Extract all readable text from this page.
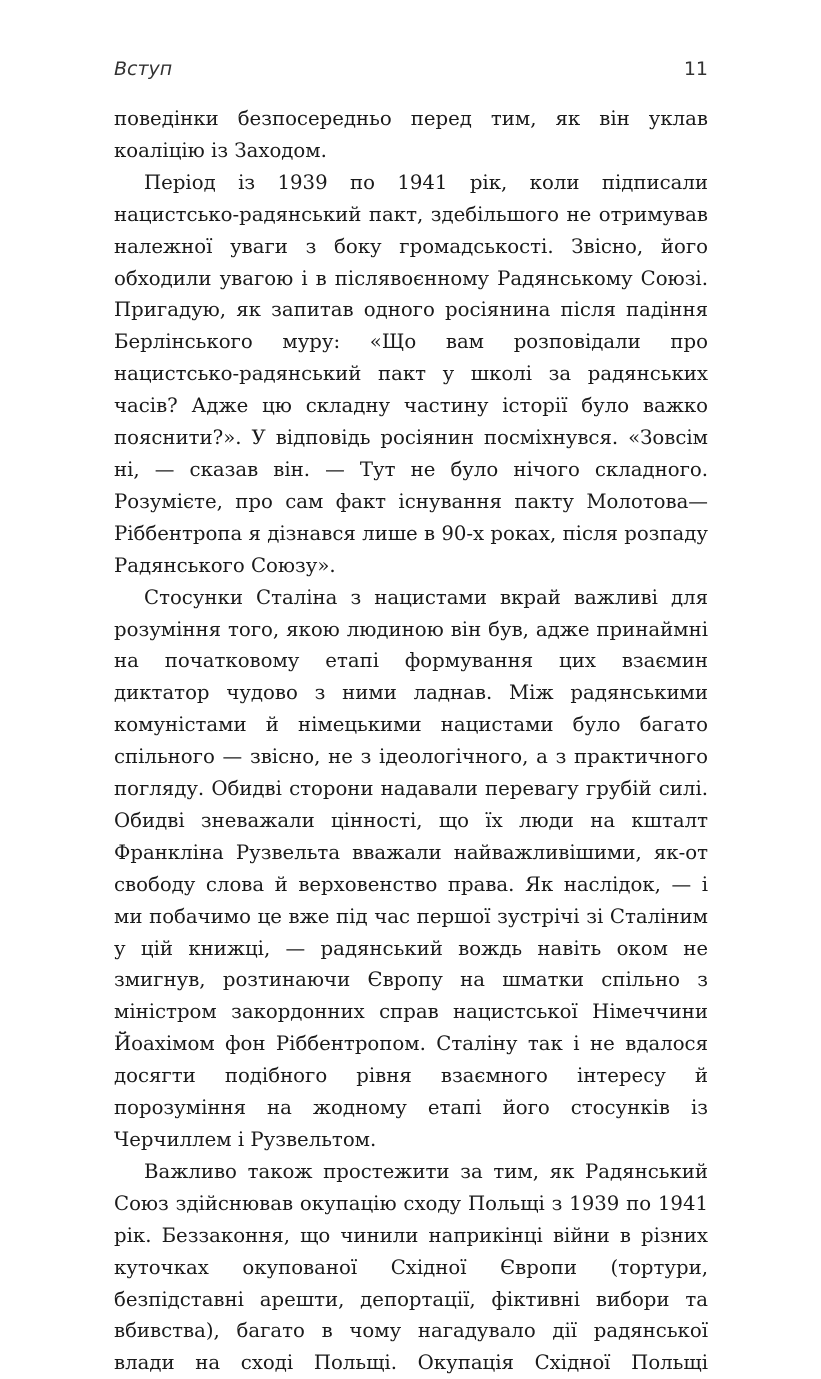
Вступ	11

поведінки безпосередньо перед тим, як він уклав коаліцію із Заходом.

Період із 1939 по 1941 рік, коли підписали нацистсько-радянський пакт, здебільшого не отримував належної уваги з боку громадськості. Звісно, його обходили увагою і в післявоєнному Радянському Союзі. Пригадую, як запитав одного росіянина після падіння Берлінського муру: «Що вам розповідали про нацистсько-радянський пакт у школі за радянських часів? Адже цю складну частину історії було важко пояснити?». У відповідь росіянин посміхнувся. «Зовсім ні, — сказав він. — Тут не було нічого складного. Розумієте, про сам факт існування пакту Молотова—Ріббентропа я дізнався лише в 90-х роках, після розпаду Радянського Союзу».

Стосунки Сталіна з нацистами вкрай важливі для розуміння того, якою людиною він був, адже принаймні на початковому етапі формування цих взаємин диктатор чудово з ними ладнав. Між радянськими комуністами й німецькими нацистами було багато спільного — звісно, не з ідеологічного, а з практичного погляду. Обидві сторони надавали перевагу грубій силі. Обидві зневажали цінності, що їх люди на кшталт Франкліна Рузвельта вважали найважливішими, як-от свободу слова й верховенство права. Як наслідок, — і ми побачимо це вже під час першої зустрічі зі Сталіним у цій книжці, — радянський вождь навіть оком не змигнув, розтинаючи Європу на шматки спільно з міністром закордонних справ нацистської Німеччини Йоахімом фон Ріббентропом. Сталіну так і не вдалося досягти подібного рівня взаємного інтересу й порозуміння на жодному етапі його стосунків із Черчиллем і Рузвельтом.

Важливо також простежити за тим, як Радянський Союз здійснював окупацію сходу Польщі з 1939 по 1941 рік. Беззаконня, що чинили наприкінці війни в різних куточках окупованої Східної Європи (тортури, безпідставні арешти, депортації, фіктивні вибори та вбивства), багато в чому нагадувало дії радянської влади на сході Польщі. Окупація Східної Польщі
